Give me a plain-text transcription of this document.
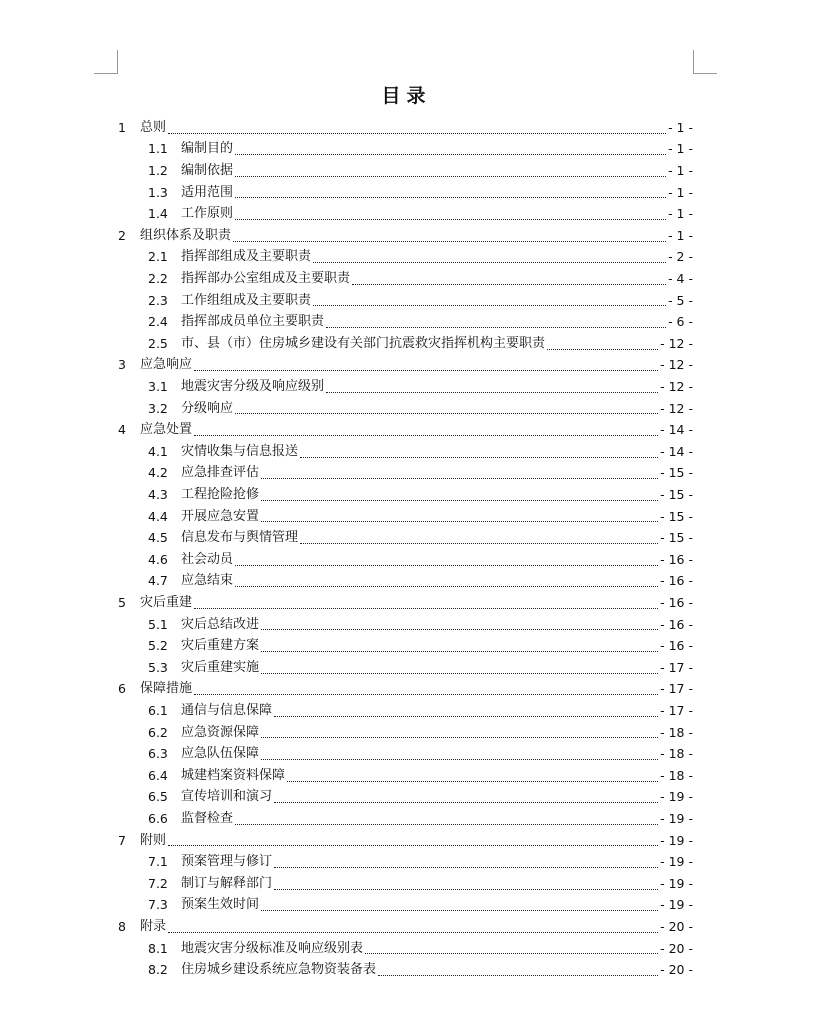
目录
1	总则	- 1 -
1.1	编制目的	- 1 -
1.2	编制依据	- 1 -
1.3	适用范围	- 1 -
1.4	工作原则	- 1 -
2	组织体系及职责	- 1 -
2.1	指挥部组成及主要职责	- 2 -
2.2	指挥部办公室组成及主要职责	- 4 -
2.3	工作组组成及主要职责	- 5 -
2.4	指挥部成员单位主要职责	- 6 -
2.5	市、县（市）住房城乡建设有关部门抗震救灾指挥机构主要职责	- 12 -
3	应急响应	- 12 -
3.1	地震灾害分级及响应级别	- 12 -
3.2	分级响应	- 12 -
4	应急处置	- 14 -
4.1	灾情收集与信息报送	- 14 -
4.2	应急排查评估	- 15 -
4.3	工程抢险抢修	- 15 -
4.4	开展应急安置	- 15 -
4.5	信息发布与舆情管理	- 15 -
4.6	社会动员	- 16 -
4.7	应急结束	- 16 -
5	灾后重建	- 16 -
5.1	灾后总结改进	- 16 -
5.2	灾后重建方案	- 16 -
5.3	灾后重建实施	- 17 -
6	保障措施	- 17 -
6.1	通信与信息保障	- 17 -
6.2	应急资源保障	- 18 -
6.3	应急队伍保障	- 18 -
6.4	城建档案资料保障	- 18 -
6.5	宣传培训和演习	- 19 -
6.6	监督检查	- 19 -
7	附则	- 19 -
7.1	预案管理与修订	- 19 -
7.2	制订与解释部门	- 19 -
7.3	预案生效时间	- 19 -
8	附录	- 20 -
8.1	地震灾害分级标准及响应级别表	- 20 -
8.2	住房城乡建设系统应急物资装备表	- 20 -
